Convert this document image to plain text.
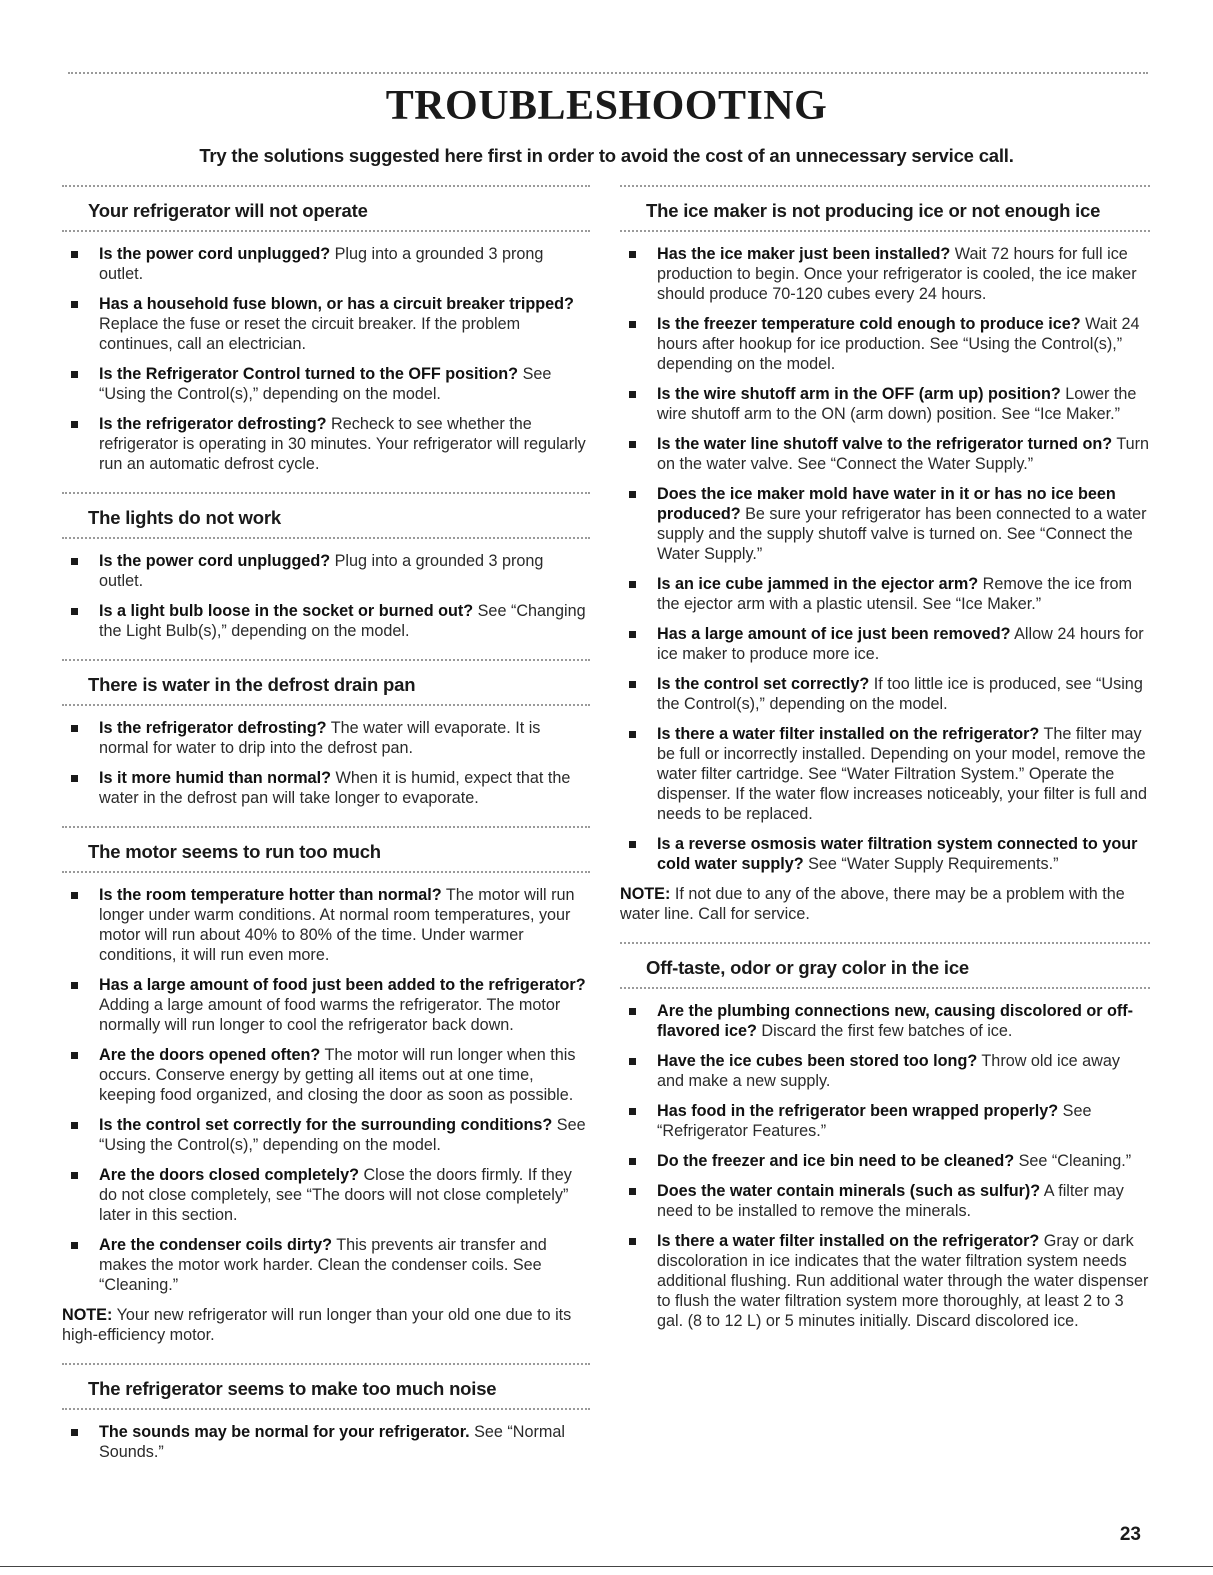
TROUBLESHOOTING

Try the solutions suggested here first in order to avoid the cost of an unnecessary service call.

Your refrigerator will not operate
Is the power cord unplugged? Plug into a grounded 3 prong outlet.
Has a household fuse blown, or has a circuit breaker tripped? Replace the fuse or reset the circuit breaker. If the problem continues, call an electrician.
Is the Refrigerator Control turned to the OFF position? See “Using the Control(s),” depending on the model.
Is the refrigerator defrosting? Recheck to see whether the refrigerator is operating in 30 minutes. Your refrigerator will regularly run an automatic defrost cycle.
The lights do not work
Is the power cord unplugged? Plug into a grounded 3 prong outlet.
Is a light bulb loose in the socket or burned out? See “Changing the Light Bulb(s),” depending on the model.
There is water in the defrost drain pan
Is the refrigerator defrosting? The water will evaporate. It is normal for water to drip into the defrost pan.
Is it more humid than normal? When it is humid, expect that the water in the defrost pan will take longer to evaporate.
The motor seems to run too much
Is the room temperature hotter than normal? The motor will run longer under warm conditions. At normal room temperatures, your motor will run about 40% to 80% of the time. Under warmer conditions, it will run even more.
Has a large amount of food just been added to the refrigerator? Adding a large amount of food warms the refrigerator. The motor normally will run longer to cool the refrigerator back down.
Are the doors opened often? The motor will run longer when this occurs. Conserve energy by getting all items out at one time, keeping food organized, and closing the door as soon as possible.
Is the control set correctly for the surrounding conditions? See “Using the Control(s),” depending on the model.
Are the doors closed completely? Close the doors firmly. If they do not close completely, see “The doors will not close completely” later in this section.
Are the condenser coils dirty? This prevents air transfer and makes the motor work harder. Clean the condenser coils. See “Cleaning.”

NOTE: Your new refrigerator will run longer than your old one due to its high-efficiency motor.

The refrigerator seems to make too much noise
The sounds may be normal for your refrigerator. See “Normal Sounds.”
The ice maker is not producing ice or not enough ice
Has the ice maker just been installed? Wait 72 hours for full ice production to begin. Once your refrigerator is cooled, the ice maker should produce 70-120 cubes every 24 hours.
Is the freezer temperature cold enough to produce ice? Wait 24 hours after hookup for ice production. See “Using the Control(s),” depending on the model.
Is the wire shutoff arm in the OFF (arm up) position? Lower the wire shutoff arm to the ON (arm down) position. See “Ice Maker.”
Is the water line shutoff valve to the refrigerator turned on? Turn on the water valve. See “Connect the Water Supply.”
Does the ice maker mold have water in it or has no ice been produced? Be sure your refrigerator has been connected to a water supply and the supply shutoff valve is turned on. See “Connect the Water Supply.”
Is an ice cube jammed in the ejector arm? Remove the ice from the ejector arm with a plastic utensil. See “Ice Maker.”
Has a large amount of ice just been removed? Allow 24 hours for ice maker to produce more ice.
Is the control set correctly? If too little ice is produced, see “Using the Control(s),” depending on the model.
Is there a water filter installed on the refrigerator? The filter may be full or incorrectly installed. Depending on your model, remove the water filter cartridge. See “Water Filtration System.” Operate the dispenser. If the water flow increases noticeably, your filter is full and needs to be replaced.
Is a reverse osmosis water filtration system connected to your cold water supply? See “Water Supply Requirements.”

NOTE: If not due to any of the above, there may be a problem with the water line. Call for service.

Off-taste, odor or gray color in the ice
Are the plumbing connections new, causing discolored or off-flavored ice? Discard the first few batches of ice.
Have the ice cubes been stored too long? Throw old ice away and make a new supply.
Has food in the refrigerator been wrapped properly? See “Refrigerator Features.”
Do the freezer and ice bin need to be cleaned? See “Cleaning.”
Does the water contain minerals (such as sulfur)? A filter may need to be installed to remove the minerals.
Is there a water filter installed on the refrigerator? Gray or dark discoloration in ice indicates that the water filtration system needs additional flushing. Run additional water through the water dispenser to flush the water filtration system more thoroughly, at least 2 to 3 gal. (8 to 12 L) or 5 minutes initially. Discard discolored ice.
23
